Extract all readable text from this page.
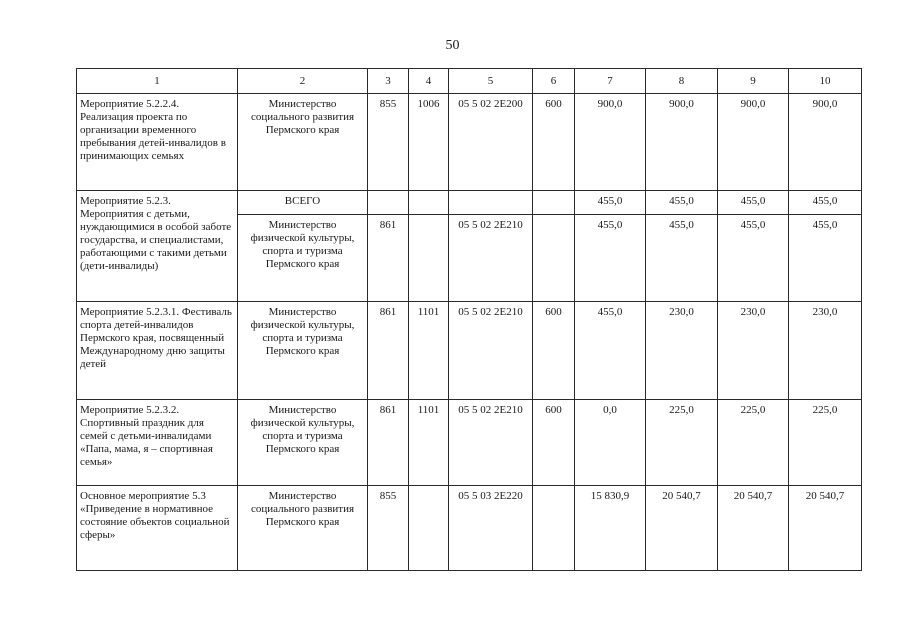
50
1	2	3	4	5	6	7	8	9	10
Мероприятие 5.2.2.4. Реализация проекта по организации временного пребывания детей-инвалидов в принимающих семьях	Министерство социального развития Пермского края	855	1006	05 5 02 2Е200	600	900,0	900,0	900,0	900,0
Мероприятие 5.2.3. Мероприятия с детьми, нуждающимися в особой заботе государства, и специалистами, работающими с такими детьми (дети-инвалиды)	ВСЕГО					455,0	455,0	455,0	455,0
	Министерство физической культуры, спорта и туризма Пермского края	861		05 5 02 2Е210		455,0	455,0	455,0	455,0
Мероприятие 5.2.3.1. Фестиваль спорта детей-инвалидов Пермского края, посвященный Международному дню защиты детей	Министерство физической культуры, спорта и туризма Пермского края	861	1101	05 5 02 2Е210	600	455,0	230,0	230,0	230,0
Мероприятие 5.2.3.2. Спортивный праздник для семей с детьми-инвалидами «Папа, мама, я – спортивная семья»	Министерство физической культуры, спорта и туризма Пермского края	861	1101	05 5 02 2Е210	600	0,0	225,0	225,0	225,0
Основное мероприятие 5.3 «Приведение в нормативное состояние объектов социальной сферы»	Министерство социального развития Пермского края	855		05 5 03 2Е220		15 830,9	20 540,7	20 540,7	20 540,7
